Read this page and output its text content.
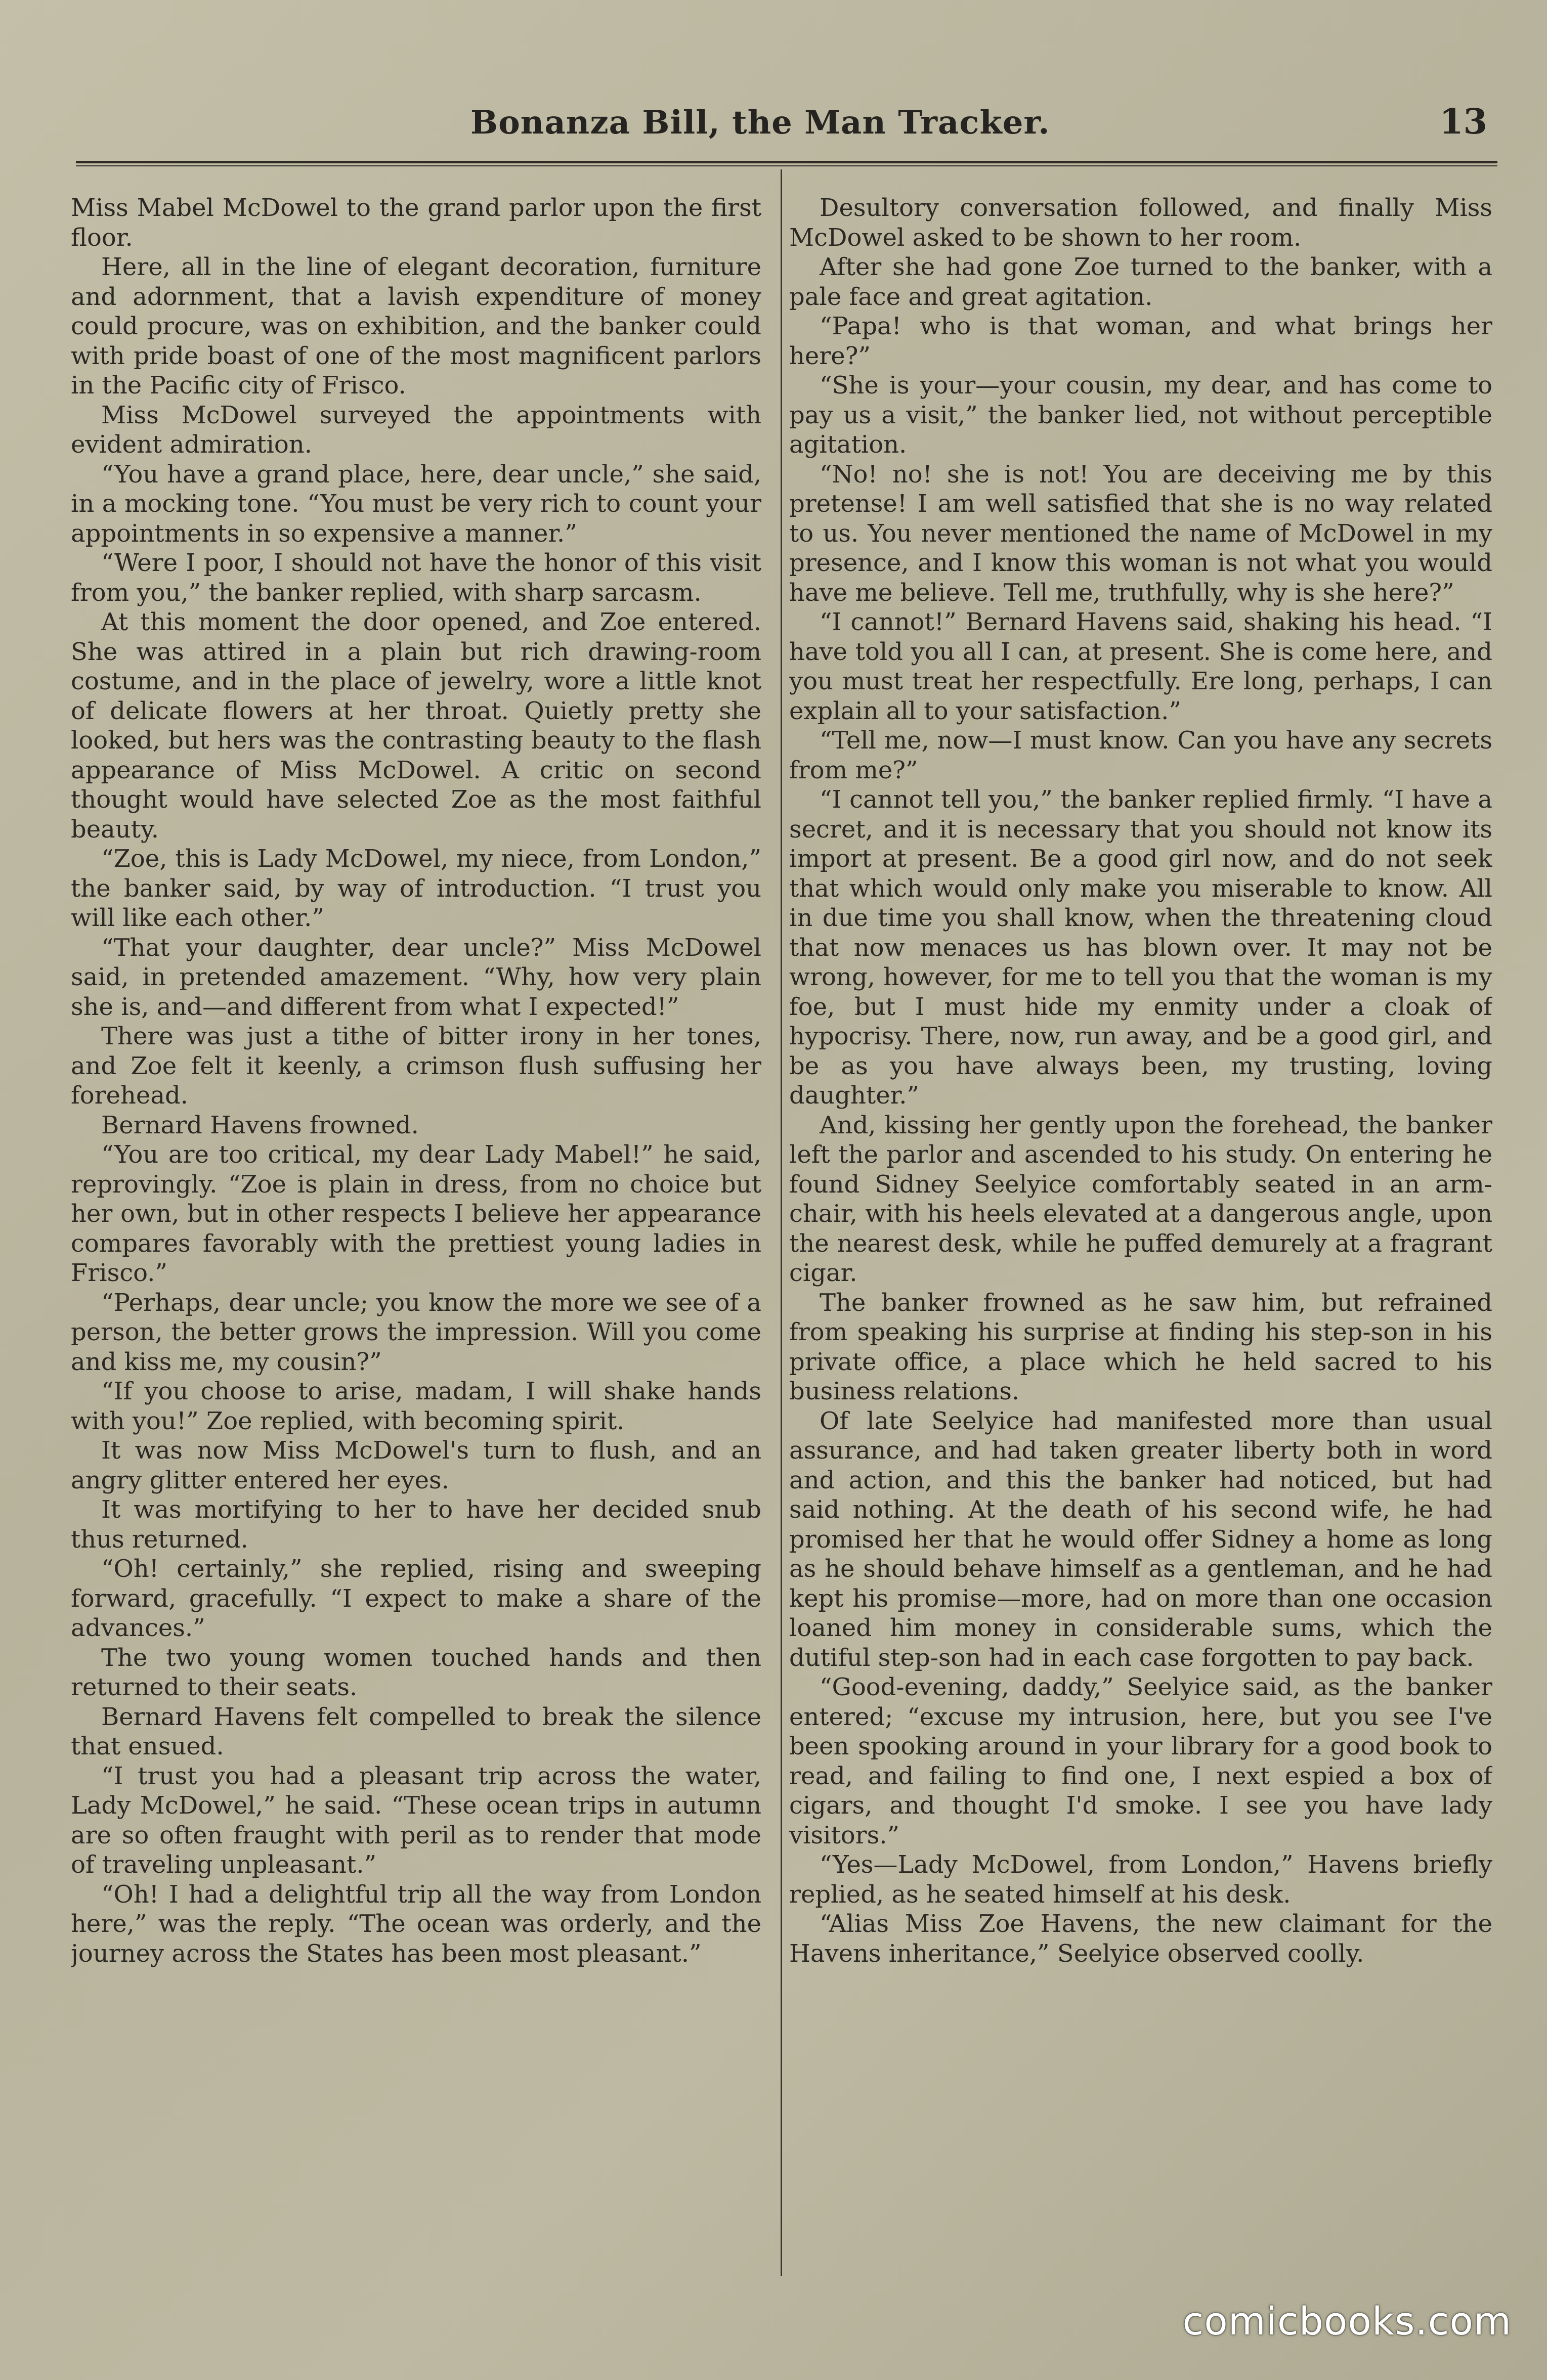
Bonanza Bill, the Man Tracker.	13

Miss Mabel McDowel to the grand parlor upon the first floor.

Here, all in the line of elegant decoration, furniture and adornment, that a lavish expenditure of money could procure, was on exhibition, and the banker could with pride boast of one of the most magnificent parlors in the Pacific city of Frisco.

Miss McDowel surveyed the appointments with evident admiration.

“You have a grand place, here, dear uncle,” she said, in a mocking tone. “You must be very rich to count your appointments in so expensive a manner.”

“Were I poor, I should not have the honor of this visit from you,” the banker replied, with sharp sarcasm.

At this moment the door opened, and Zoe entered. She was attired in a plain but rich drawing-room costume, and in the place of jewelry, wore a little knot of delicate flowers at her throat. Quietly pretty she looked, but hers was the contrasting beauty to the flash appearance of Miss McDowel. A critic on second thought would have selected Zoe as the most faithful beauty.

“Zoe, this is Lady McDowel, my niece, from London,” the banker said, by way of introduction. “I trust you will like each other.”

“That your daughter, dear uncle?” Miss McDowel said, in pretended amazement. “Why, how very plain she is, and—and different from what I expected!”

There was just a tithe of bitter irony in her tones, and Zoe felt it keenly, a crimson flush suffusing her forehead.

Bernard Havens frowned.

“You are too critical, my dear Lady Mabel!” he said, reprovingly. “Zoe is plain in dress, from no choice but her own, but in other respects I believe her appearance compares favorably with the prettiest young ladies in Frisco.”

“Perhaps, dear uncle; you know the more we see of a person, the better grows the impression. Will you come and kiss me, my cousin?”

“If you choose to arise, madam, I will shake hands with you!” Zoe replied, with becoming spirit.

It was now Miss McDowel's turn to flush, and an angry glitter entered her eyes.

It was mortifying to her to have her decided snub thus returned.

“Oh! certainly,” she replied, rising and sweeping forward, gracefully. “I expect to make a share of the advances.”

The two young women touched hands and then returned to their seats.

Bernard Havens felt compelled to break the silence that ensued.

“I trust you had a pleasant trip across the water, Lady McDowel,” he said. “These ocean trips in autumn are so often fraught with peril as to render that mode of traveling unpleasant.”

“Oh! I had a delightful trip all the way from London here,” was the reply. “The ocean was orderly, and the journey across the States has been most pleasant.”

Desultory conversation followed, and finally Miss McDowel asked to be shown to her room.

After she had gone Zoe turned to the banker, with a pale face and great agitation.

“Papa! who is that woman, and what brings her here?”

“She is your—your cousin, my dear, and has come to pay us a visit,” the banker lied, not without perceptible agitation.

“No! no! she is not! You are deceiving me by this pretense! I am well satisfied that she is no way related to us. You never mentioned the name of McDowel in my presence, and I know this woman is not what you would have me believe. Tell me, truthfully, why is she here?”

“I cannot!” Bernard Havens said, shaking his head. “I have told you all I can, at present. She is come here, and you must treat her respectfully. Ere long, perhaps, I can explain all to your satisfaction.”

“Tell me, now—I must know. Can you have any secrets from me?”

“I cannot tell you,” the banker replied firmly. “I have a secret, and it is necessary that you should not know its import at present. Be a good girl now, and do not seek that which would only make you miserable to know. All in due time you shall know, when the threatening cloud that now menaces us has blown over. It may not be wrong, however, for me to tell you that the woman is my foe, but I must hide my enmity under a cloak of hypocrisy. There, now, run away, and be a good girl, and be as you have always been, my trusting, loving daughter.”

And, kissing her gently upon the forehead, the banker left the parlor and ascended to his study. On entering he found Sidney Seelyice comfortably seated in an arm-chair, with his heels elevated at a dangerous angle, upon the nearest desk, while he puffed demurely at a fragrant cigar.

The banker frowned as he saw him, but refrained from speaking his surprise at finding his step-son in his private office, a place which he held sacred to his business relations.

Of late Seelyice had manifested more than usual assurance, and had taken greater liberty both in word and action, and this the banker had noticed, but had said nothing. At the death of his second wife, he had promised her that he would offer Sidney a home as long as he should behave himself as a gentleman, and he had kept his promise—more, had on more than one occasion loaned him money in considerable sums, which the dutiful step-son had in each case forgotten to pay back.

“Good-evening, daddy,” Seelyice said, as the banker entered; “excuse my intrusion, here, but you see I've been spooking around in your library for a good book to read, and failing to find one, I next espied a box of cigars, and thought I'd smoke. I see you have lady visitors.”

“Yes—Lady McDowel, from London,” Havens briefly replied, as he seated himself at his desk.

“Alias Miss Zoe Havens, the new claimant for the Havens inheritance,” Seelyice observed coolly.

comicbooks.com
